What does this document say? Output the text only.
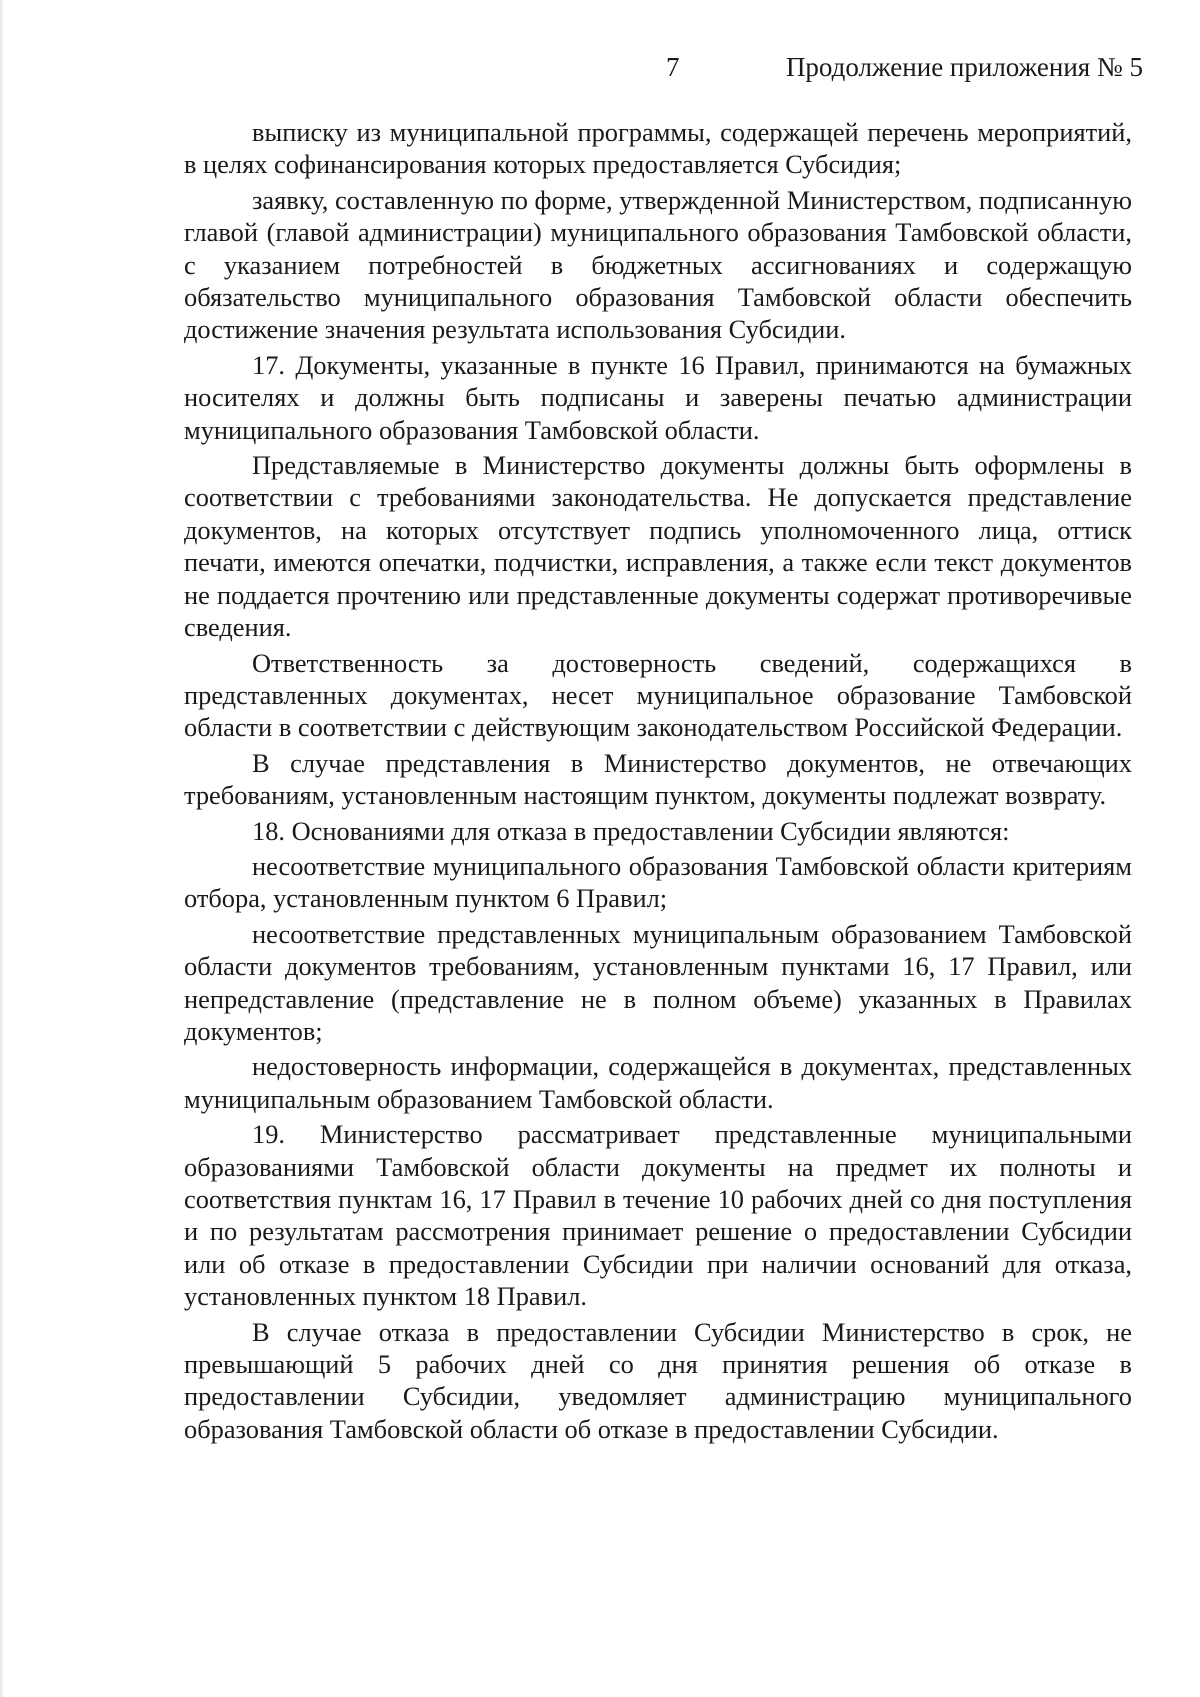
7	Продолжение приложения № 5

выписку из муниципальной программы, содержащей перечень мероприятий, в целях софинансирования которых предоставляется Субсидия;

заявку, составленную по форме, утвержденной Министерством, подписанную главой (главой администрации) муниципального образования Тамбовской области, с указанием потребностей в бюджетных ассигнованиях и содержащую обязательство муниципального образования Тамбовской области обеспечить достижение значения результата использования Субсидии.

17. Документы, указанные в пункте 16 Правил, принимаются на бумажных носителях и должны быть подписаны и заверены печатью администрации муниципального образования Тамбовской области.

Представляемые в Министерство документы должны быть оформлены в соответствии с требованиями законодательства. Не допускается представление документов, на которых отсутствует подпись уполномоченного лица, оттиск печати, имеются опечатки, подчистки, исправления, а также если текст документов не поддается прочтению или представленные документы содержат противоречивые сведения.

Ответственность за достоверность сведений, содержащихся в представленных документах, несет муниципальное образование Тамбовской области в соответствии с действующим законодательством Российской Федерации.

В случае представления в Министерство документов, не отвечающих требованиям, установленным настоящим пунктом, документы подлежат возврату.

18. Основаниями для отказа в предоставлении Субсидии являются:

несоответствие муниципального образования Тамбовской области критериям отбора, установленным пунктом 6 Правил;

несоответствие представленных муниципальным образованием Тамбовской области документов требованиям, установленным пунктами 16, 17 Правил, или непредставление (представление не в полном объеме) указанных в Правилах документов;

недостоверность информации, содержащейся в документах, представленных муниципальным образованием Тамбовской области.

19. Министерство рассматривает представленные муниципальными образованиями Тамбовской области документы на предмет их полноты и соответствия пунктам 16, 17 Правил в течение 10 рабочих дней со дня поступления и по результатам рассмотрения принимает решение о предоставлении Субсидии или об отказе в предоставлении Субсидии при наличии оснований для отказа, установленных пунктом 18 Правил.

В случае отказа в предоставлении Субсидии Министерство в срок, не превышающий 5 рабочих дней со дня принятия решения об отказе в предоставлении Субсидии, уведомляет администрацию муниципального образования Тамбовской области об отказе в предоставлении Субсидии.
